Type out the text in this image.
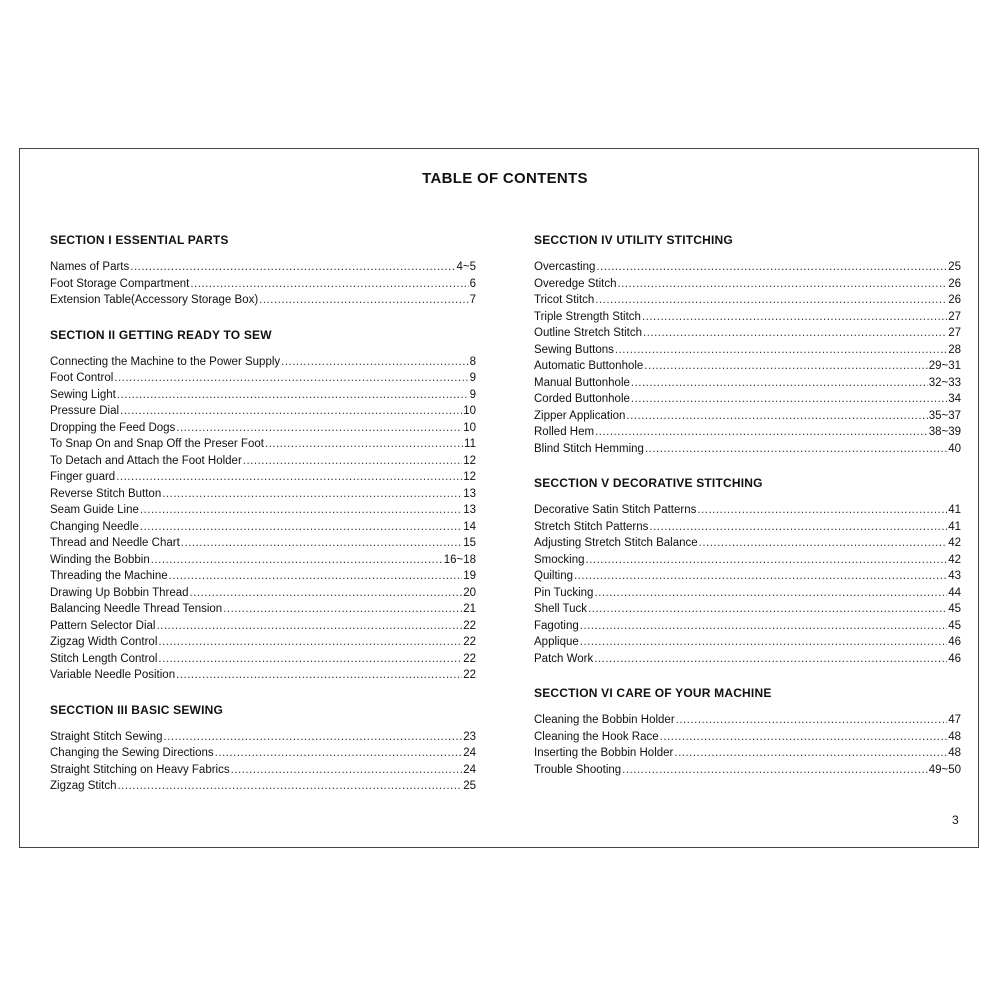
TABLE OF CONTENTS
SECTION I ESSENTIAL PARTS
Names of Parts .....	4~5
Foot Storage Compartment .....	6
Extension Table(Accessory Storage Box) .....	7
SECTION II GETTING READY TO SEW
Connecting the Machine to the Power Supply .....	8
Foot Control .....	9
Sewing Light .....	9
Pressure Dial .....	10
Dropping the Feed Dogs .....	10
To Snap On and Snap Off the Preser Foot .....	11
To Detach and Attach the Foot Holder .....	12
Finger guard .....	12
Reverse Stitch Button .....	13
Seam Guide Line .....	13
Changing Needle .....	14
Thread and Needle Chart .....	15
Winding the Bobbin .....	16~18
Threading the Machine .....	19
Drawing Up Bobbin Thread .....	20
Balancing Needle Thread Tension .....	21
Pattern Selector Dial .....	22
Zigzag Width Control .....	22
Stitch Length Control .....	22
Variable Needle Position .....	22
SECCTION III BASIC SEWING
Straight Stitch Sewing .....	23
Changing the Sewing Directions .....	24
Straight Stitching on Heavy Fabrics .....	24
Zigzag Stitch .....	25
SECCTION IV UTILITY STITCHING
Overcasting .....	25
Overedge Stitch .....	26
Tricot Stitch .....	26
Triple Strength Stitch .....	27
Outline Stretch Stitch .....	27
Sewing Buttons .....	28
Automatic Buttonhole .....	29~31
Manual Buttonhole .....	32~33
Corded Buttonhole .....	34
Zipper Application .....	35~37
Rolled Hem .....	38~39
Blind Stitch Hemming .....	40
SECCTION V DECORATIVE STITCHING
Decorative Satin Stitch Patterns .....	41
Stretch Stitch Patterns .....	41
Adjusting Stretch Stitch Balance .....	42
Smocking .....	42
Quilting .....	43
Pin Tucking .....	44
Shell Tuck .....	45
Fagoting .....	45
Applique .....	46
Patch Work .....	46
SECCTION VI CARE OF YOUR MACHINE
Cleaning the Bobbin Holder .....	47
Cleaning the Hook Race .....	48
Inserting the Bobbin Holder .....	48
Trouble Shooting .....	49~50
3
